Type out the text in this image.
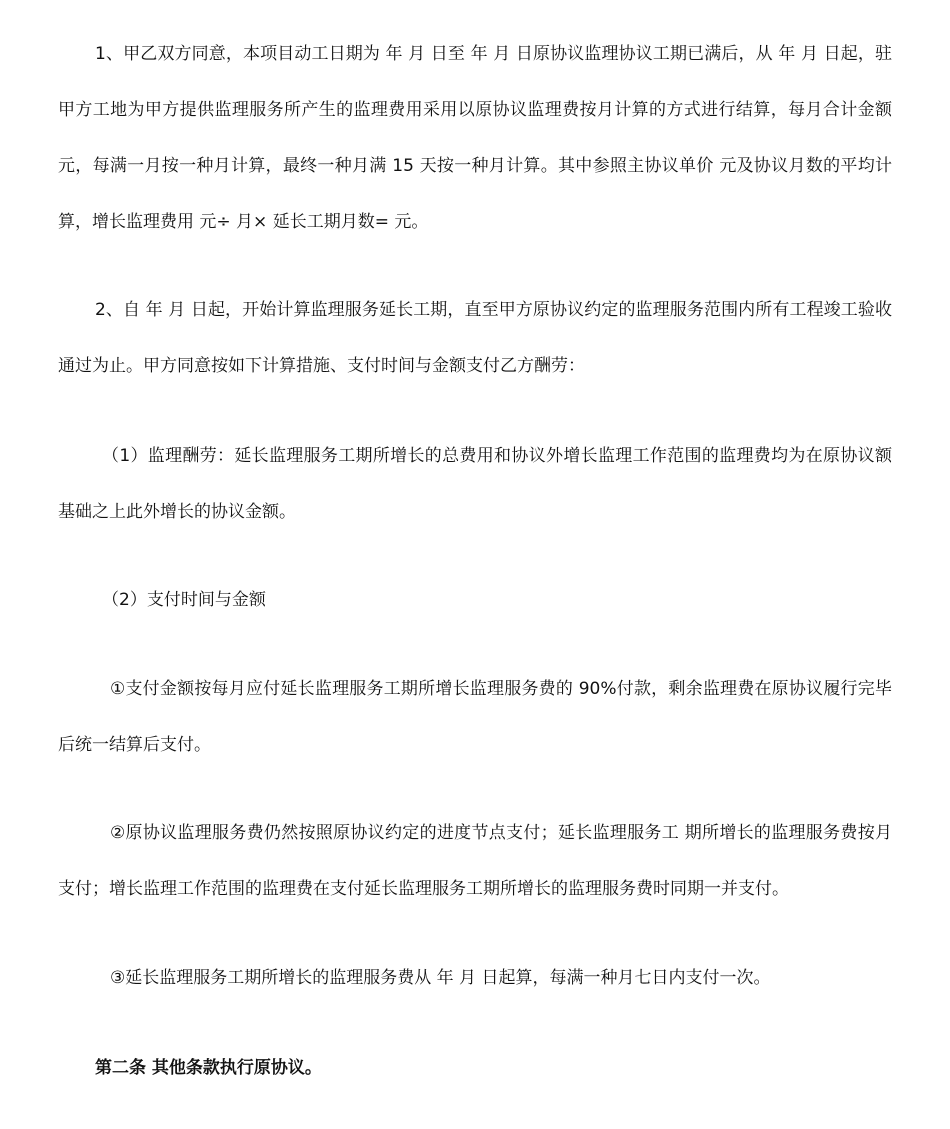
1、甲乙双方同意，本项目动工日期为 年 月 日至 年 月 日原协议监理协议工期已满后，从 年 月 日起，驻甲方工地为甲方提供监理服务所产生的监理费用采用以原协议监理费按月计算的方式进行结算，每月合计金额 元，每满一月按一种月计算，最终一种月满 15 天按一种月计算。其中参照主协议单价 元及协议月数的平均计算，增长监理费用 元÷ 月× 延长工期月数= 元。

2、自 年 月 日起，开始计算监理服务延长工期，直至甲方原协议约定的监理服务范围内所有工程竣工验收通过为止。甲方同意按如下计算措施、支付时间与金额支付乙方酬劳：

（1）监理酬劳：延长监理服务工期所增长的总费用和协议外增长监理工作范围的监理费均为在原协议额基础之上此外增长的协议金额。

（2）支付时间与金额

①支付金额按每月应付延长监理服务工期所增长监理服务费的 90%付款，剩余监理费在原协议履行完毕后统一结算后支付。

②原协议监理服务费仍然按照原协议约定的进度节点支付；延长监理服务工 期所增长的监理服务费按月支付；增长监理工作范围的监理费在支付延长监理服务工期所增长的监理服务费时同期一并支付。

③延长监理服务工期所增长的监理服务费从 年 月 日起算，每满一种月七日内支付一次。

第二条 其他条款执行原协议。
